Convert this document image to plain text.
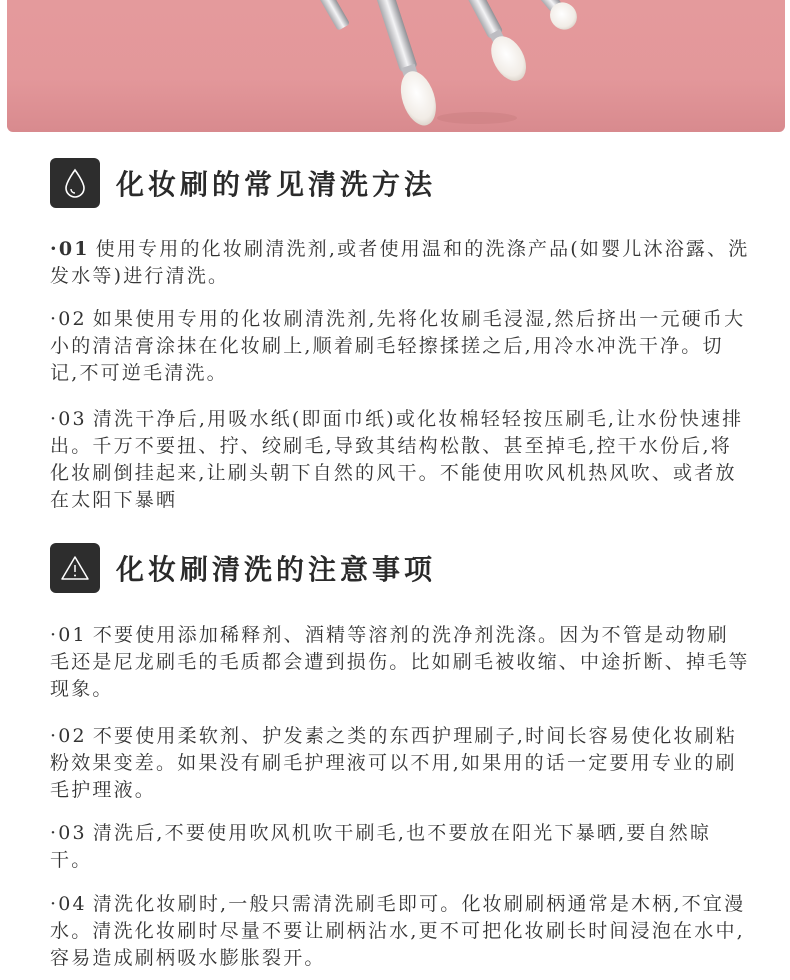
化妆刷的常见清洗方法
·01 使用专用的化妆刷清洗剂,或者使用温和的洗涤产品(如婴儿沐浴露、洗发水等)进行清洗。
·02 如果使用专用的化妆刷清洗剂,先将化妆刷毛浸湿,然后挤出一元硬币大小的清洁膏涂抹在化妆刷上,顺着刷毛轻擦揉搓之后,用冷水冲洗干净。切记,不可逆毛清洗。
·03 清洗干净后,用吸水纸(即面巾纸)或化妆棉轻轻按压刷毛,让水份快速排出。千万不要扭、拧、绞刷毛,导致其结构松散、甚至掉毛,控干水份后,将化妆刷倒挂起来,让刷头朝下自然的风干。不能使用吹风机热风吹、或者放在太阳下暴晒
化妆刷清洗的注意事项
·01 不要使用添加稀释剂、酒精等溶剂的洗净剂洗涤。因为不管是动物刷毛还是尼龙刷毛的毛质都会遭到损伤。比如刷毛被收缩、中途折断、掉毛等现象。
·02 不要使用柔软剂、护发素之类的东西护理刷子,时间长容易使化妆刷粘粉效果变差。如果没有刷毛护理液可以不用,如果用的话一定要用专业的刷毛护理液。
·03 清洗后,不要使用吹风机吹干刷毛,也不要放在阳光下暴晒,要自然晾干。
·04 清洗化妆刷时,一般只需清洗刷毛即可。化妆刷刷柄通常是木柄,不宜漫水。清洗化妆刷时尽量不要让刷柄沾水,更不可把化妆刷长时间浸泡在水中,容易造成刷柄吸水膨胀裂开。
